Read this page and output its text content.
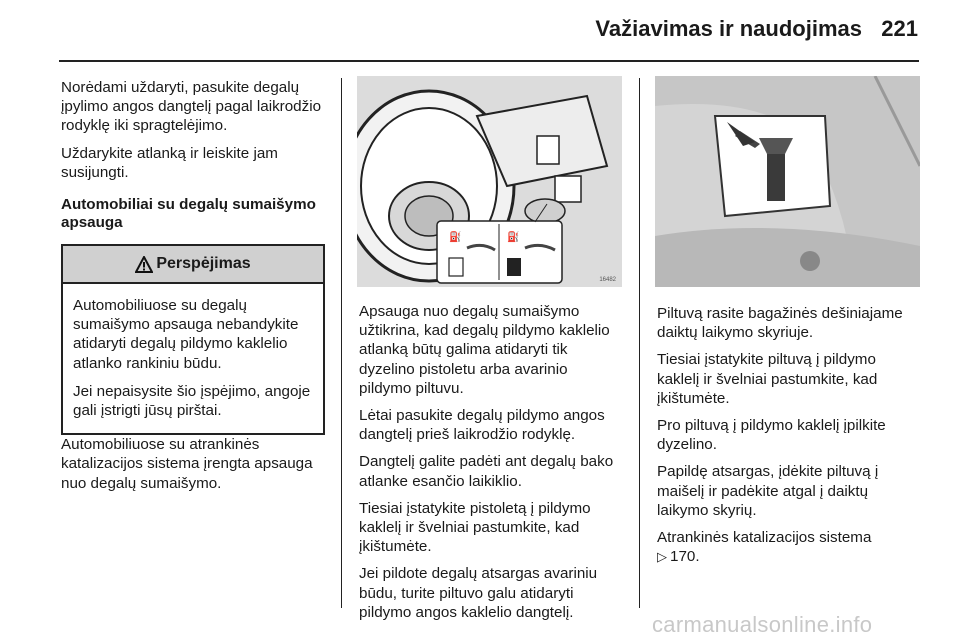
Važiavimas ir naudojimas 221

Norėdami uždaryti, pasukite degalų įpylimo angos dangtelį pagal laikrodžio rodyklę iki spragtelėjimo.

Uždarykite atlanką ir leiskite jam susijungti.

Automobiliai su degalų sumaišymo apsauga
Perspėjimas

Automobiliuose su degalų sumaišymo apsauga nebandykite atidaryti degalų pildymo kaklelio atlanko rankiniu būdu.

Jei nepaisysite šio įspėjimo, angoje gali įstrigti jūsų pirštai.

Automobiliuose su atrankinės katalizacijos sistema įrengta apsauga nuo degalų sumaišymo.

⛽	⛽
16482

Apsauga nuo degalų sumaišymo užtikrina, kad degalų pildymo kaklelio atlanką būtų galima atidaryti tik dyzelino pistoletu arba avarinio pildymo piltuvu.

Lėtai pasukite degalų pildymo angos dangtelį prieš laikrodžio rodyklę.

Dangtelį galite padėti ant degalų bako atlanke esančio laikiklio.

Tiesiai įstatykite pistoletą į pildymo kaklelį ir švelniai pastumkite, kad įkištumėte.

Jei pildote degalų atsargas avariniu būdu, turite piltuvo galu atidaryti pildymo angos kaklelio dangtelį.

Piltuvą rasite bagažinės dešiniajame daiktų laikymo skyriuje.

Tiesiai įstatykite piltuvą į pildymo kaklelį ir švelniai pastumkite, kad įkištumėte.

Pro piltuvą į pildymo kaklelį įpilkite dyzelino.

Papildę atsargas, įdėkite piltuvą į maišelį ir padėkite atgal į daiktų laikymo skyrių.

Atrankinės katalizacijos sistema
▷ 170.

carmanualsonline.info
